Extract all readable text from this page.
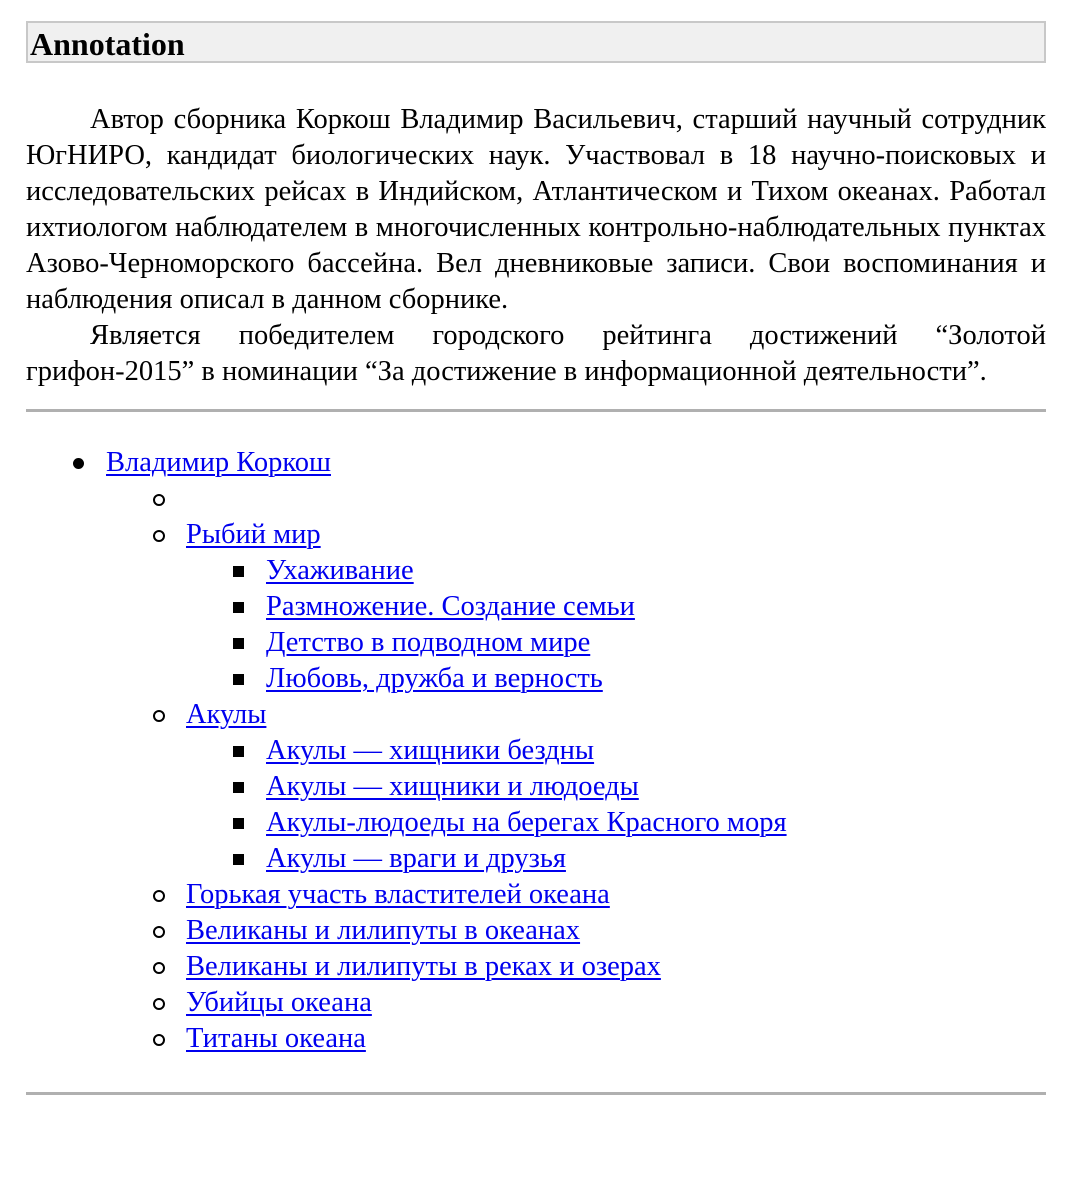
Annotation

Автор сборника Коркош Владимир Васильевич, старший научный сотрудник ЮгНИРО, кандидат биологических наук. Участвовал в 18 научно-поисковых и исследовательских рейсах в Индийском, Атлантическом и Тихом океанах. Работал ихтиологом наблюдателем в многочисленных контрольно-наблюдательных пунктах Азово-Черноморского бассейна. Вел дневниковые записи. Свои воспоминания и наблюдения описал в данном сборнике.

Является победителем городского рейтинга достижений “Золотой грифон-2015” в номинации “За достижение в информационной деятельности”.

Владимир Коркош
Рыбий мир
Ухаживание
Размножение. Создание семьи
Детство в подводном мире
Любовь, дружба и верность
Акулы
Акулы — хищники бездны
Акулы — хищники и людоеды
Акулы-людоеды на берегах Красного моря
Акулы — враги и друзья
Горькая участь властителей океана
Великаны и лилипуты в океанах
Великаны и лилипуты в реках и озерах
Убийцы океана
Титаны океана
